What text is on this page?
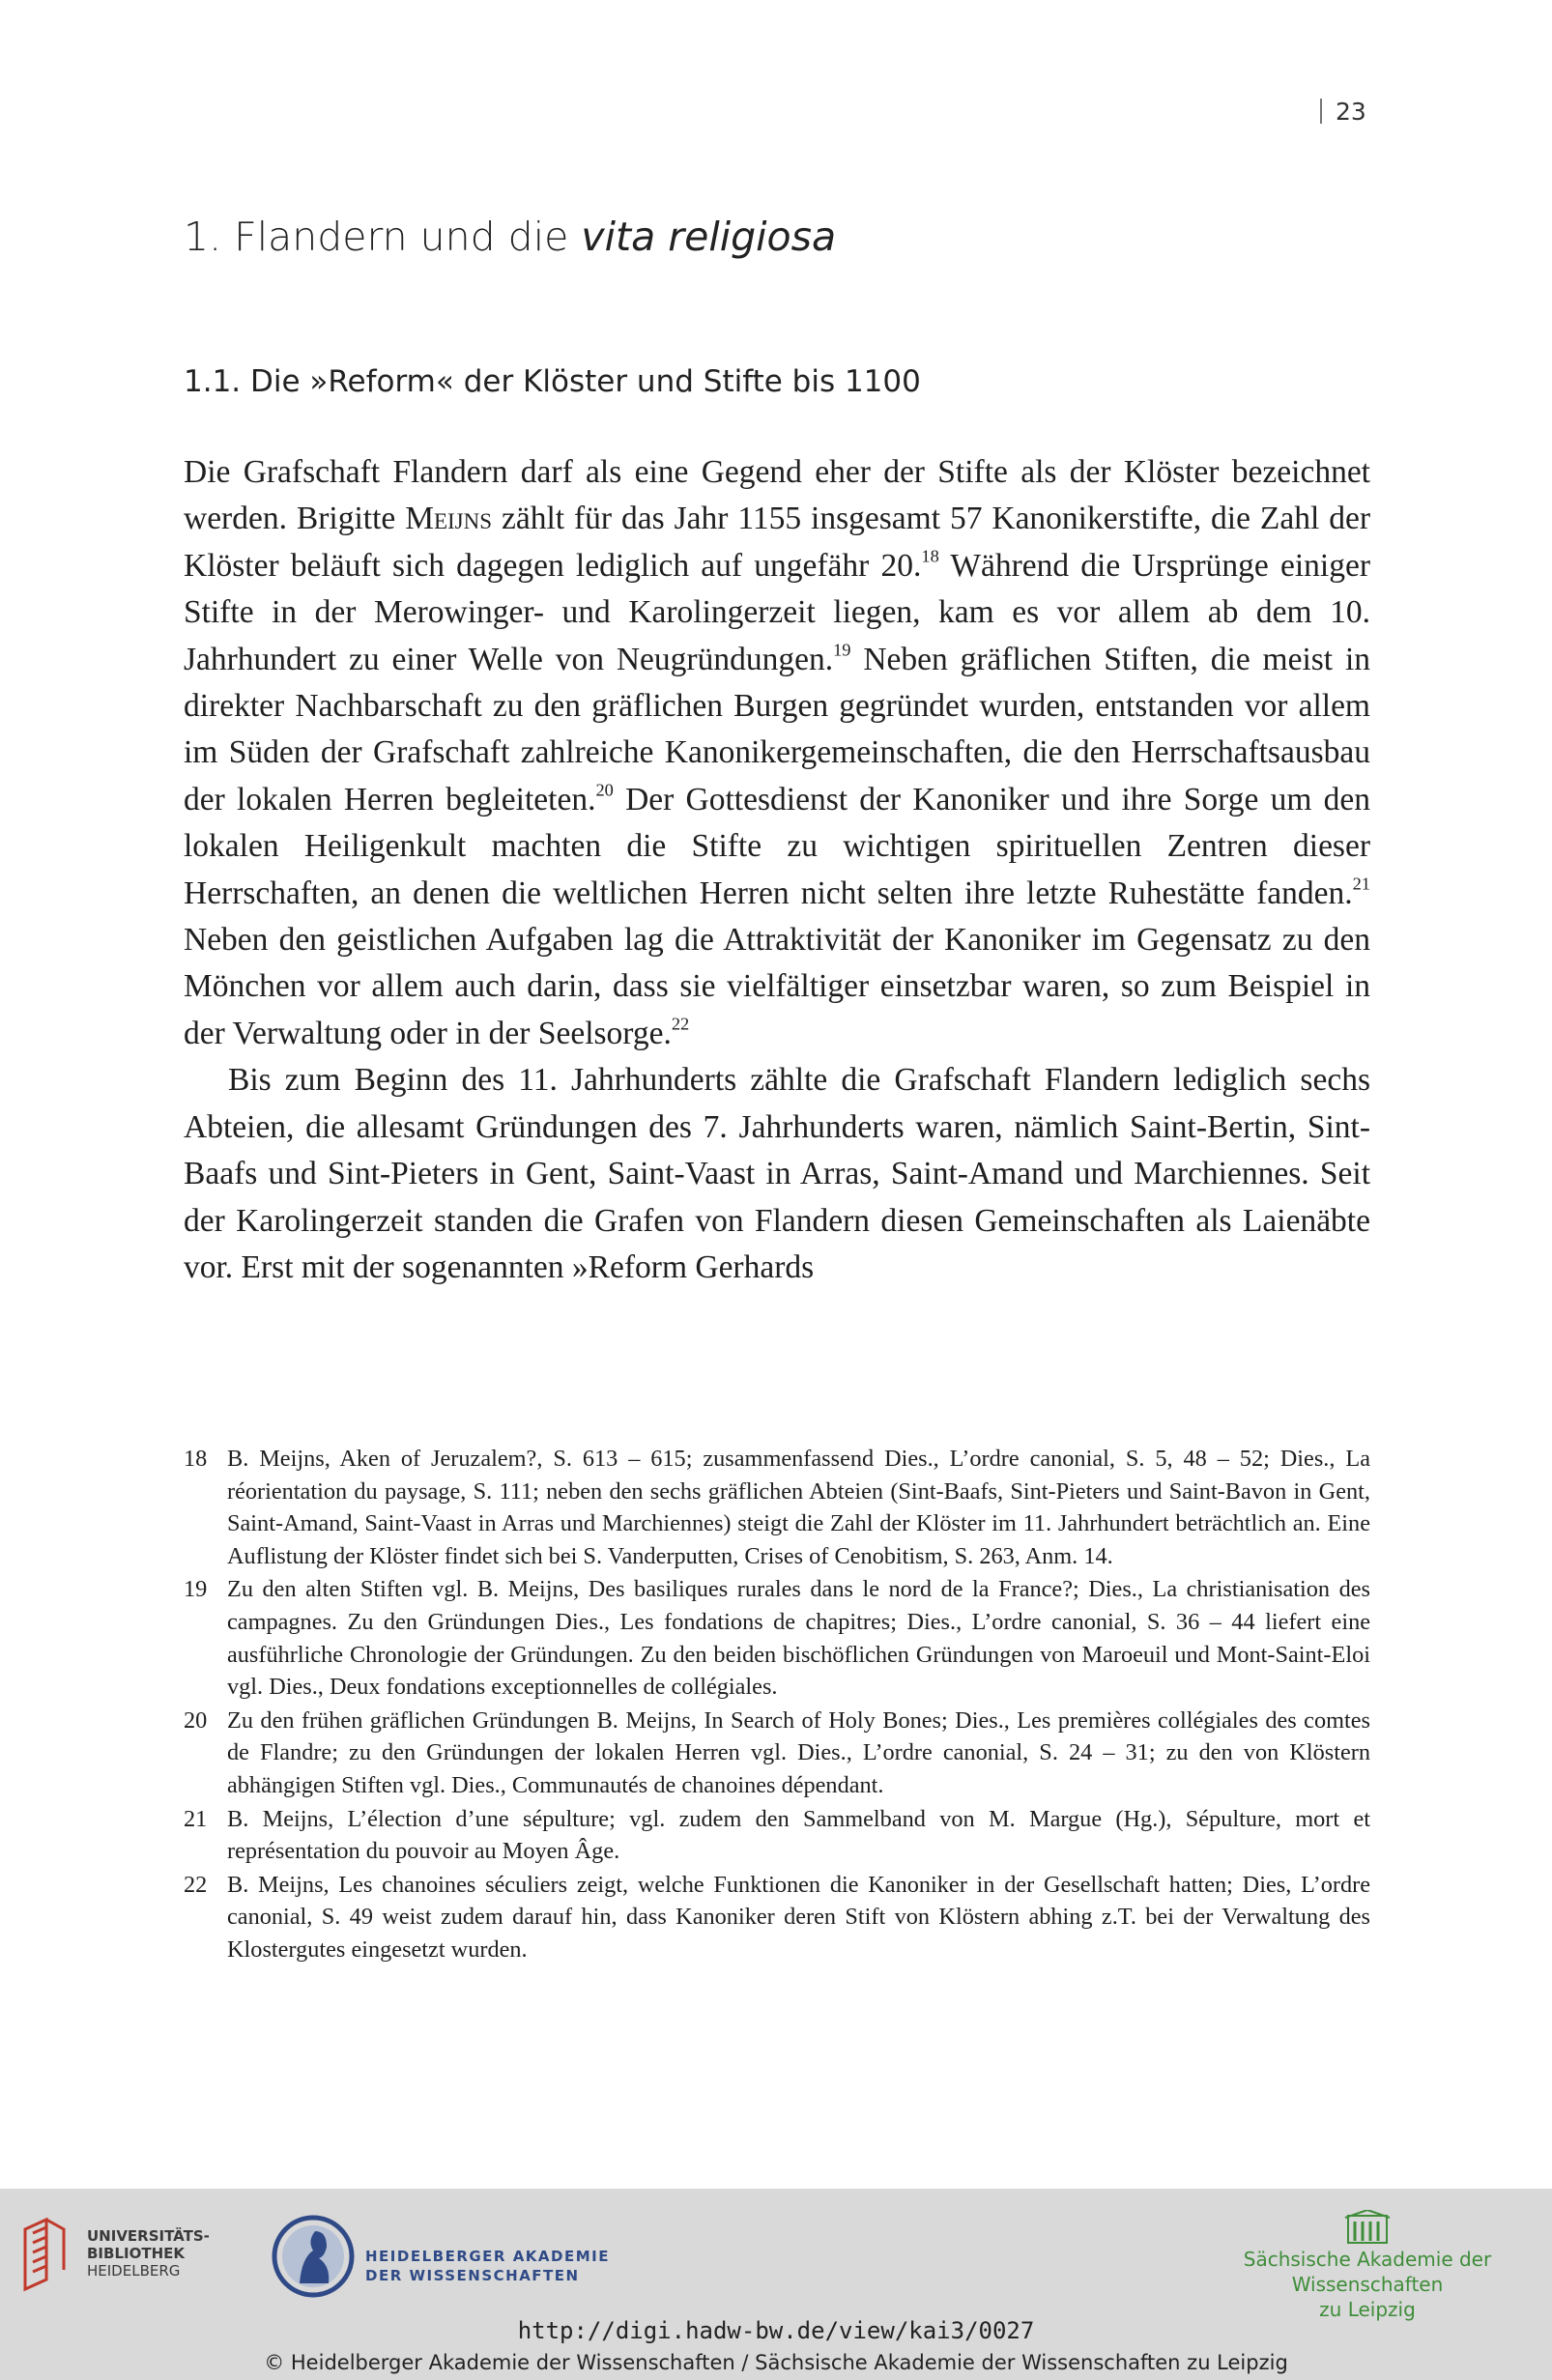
23
1. Flandern und die vita religiosa
1.1. Die »Reform« der Klöster und Stifte bis 1100

Die Grafschaft Flandern darf als eine Gegend eher der Stifte als der Klöster bezeichnet werden. Brigitte Meijns zählt für das Jahr 1155 insgesamt 57 Kanonikerstifte, die Zahl der Klöster beläuft sich dagegen lediglich auf ungefähr 20.18 Während die Ursprünge einiger Stifte in der Merowinger- und Karolingerzeit liegen, kam es vor allem ab dem 10. Jahrhundert zu einer Welle von Neugründungen.$^{19}$ Neben gräflichen Stiften, die meist in direkter Nachbarschaft zu den gräflichen Burgen gegründet wurden, entstanden vor allem im Süden der Grafschaft zahlreiche Kanonikergemeinschaften, die den Herrschaftsausbau der lokalen Herren begleiteten.$^{20}$ Der Gottesdienst der Kanoniker und ihre Sorge um den lokalen Heiligenkult machten die Stifte zu wichtigen spirituellen Zentren dieser Herrschaften, an denen die weltlichen Herren nicht selten ihre letzte Ruhestätte fanden.$^{21}$ Neben den geistlichen Aufgaben lag die Attraktivität der Kanoniker im Gegensatz zu den Mönchen vor allem auch darin, dass sie vielfältiger einsetzbar waren, so zum Beispiel in der Verwaltung oder in der Seelsorge.$^{22}$

Bis zum Beginn des 11. Jahrhunderts zählte die Grafschaft Flandern lediglich sechs Abteien, die allesamt Gründungen des 7. Jahrhunderts waren, nämlich Saint-Bertin, Sint-Baafs und Sint-Pieters in Gent, Saint-Vaast in Arras, Saint-Amand und Marchiennes. Seit der Karolingerzeit standen die Grafen von Flandern diesen Gemeinschaften als Laienäbte vor. Erst mit der sogenannten »Reform Gerhards

18 B. Meijns, Aken of Jeruzalem?, S. 613 – 615; zusammenfassend Dies., L’ordre canonial, S. 5, 48 – 52; Dies., La réorientation du paysage, S. 111; neben den sechs gräflichen Abteien (Sint-Baafs, Sint-Pieters und Saint-Bavon in Gent, Saint-Amand, Saint-Vaast in Arras und Marchiennes) steigt die Zahl der Klöster im 11. Jahrhundert beträchtlich an. Eine Auflistung der Klöster findet sich bei S. Vanderputten, Crises of Cenobitism, S. 263, Anm. 14.
19 Zu den alten Stiften vgl. B. Meijns, Des basiliques rurales dans le nord de la France?; Dies., La christianisation des campagnes. Zu den Gründungen Dies., Les fondations de chapitres; Dies., L’ordre canonial, S. 36 – 44 liefert eine ausführliche Chronologie der Gründungen. Zu den beiden bischöflichen Gründungen von Maroeuil und Mont-Saint-Eloi vgl. Dies., Deux fondations exceptionnelles de collégiales.
20 Zu den frühen gräflichen Gründungen B. Meijns, In Search of Holy Bones; Dies., Les premières collégiales des comtes de Flandre; zu den Gründungen der lokalen Herren vgl. Dies., L’ordre canonial, S. 24 – 31; zu den von Klöstern abhängigen Stiften vgl. Dies., Communautés de chanoines dépendant.
21 B. Meijns, L’élection d’une sépulture; vgl. zudem den Sammelband von M. Margue (Hg.), Sépulture, mort et représentation du pouvoir au Moyen Âge.
22 B. Meijns, Les chanoines séculiers zeigt, welche Funktionen die Kanoniker in der Gesellschaft hatten; Dies, L’ordre canonial, S. 49 weist zudem darauf hin, dass Kanoniker deren Stift von Klöstern abhing z.T. bei der Verwaltung des Klostergutes eingesetzt wurden.
UNIVERSITÄTS-
BIBLIOTHEK
HEIDELBERG
HEIDELBERGER AKADEMIE
DER WISSENSCHAFTEN
Sächsische Akademie der Wissenschaften
zu Leipzig
http://digi.hadw-bw.de/view/kai3/0027
© Heidelberger Akademie der Wissenschaften / Sächsische Akademie der Wissenschaften zu Leipzig
